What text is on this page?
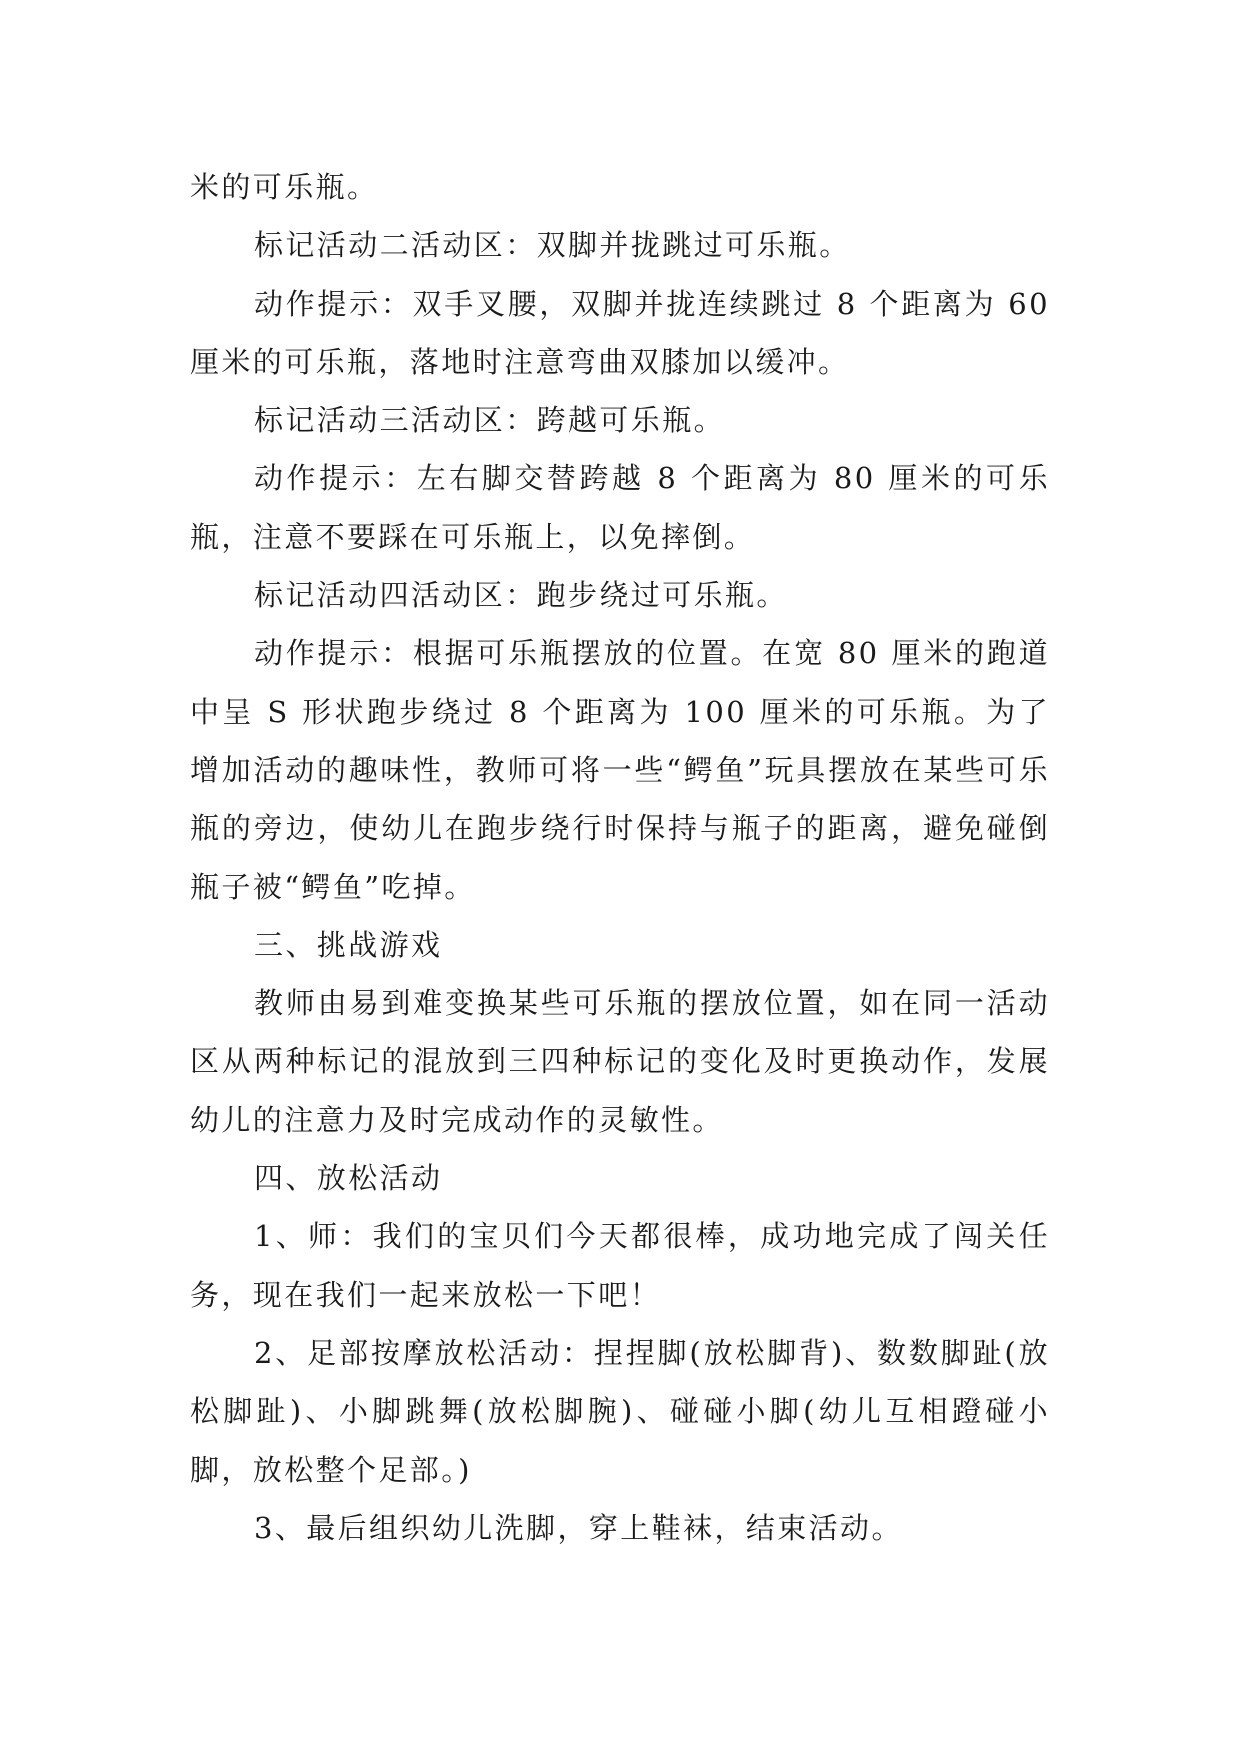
米的可乐瓶。

标记活动二活动区：双脚并拢跳过可乐瓶。

动作提示：双手叉腰，双脚并拢连续跳过 8 个距离为 60 厘米的可乐瓶，落地时注意弯曲双膝加以缓冲。

标记活动三活动区：跨越可乐瓶。

动作提示：左右脚交替跨越 8 个距离为 80 厘米的可乐瓶，注意不要踩在可乐瓶上，以免摔倒。

标记活动四活动区：跑步绕过可乐瓶。

动作提示：根据可乐瓶摆放的位置。在宽 80 厘米的跑道中呈 S 形状跑步绕过 8 个距离为 100 厘米的可乐瓶。为了增加活动的趣味性，教师可将一些“鳄鱼”玩具摆放在某些可乐瓶的旁边，使幼儿在跑步绕行时保持与瓶子的距离，避免碰倒瓶子被“鳄鱼”吃掉。

三、挑战游戏

教师由易到难变换某些可乐瓶的摆放位置，如在同一活动区从两种标记的混放到三四种标记的变化及时更换动作，发展幼儿的注意力及时完成动作的灵敏性。

四、放松活动

1、师：我们的宝贝们今天都很棒，成功地完成了闯关任务，现在我们一起来放松一下吧！

2、足部按摩放松活动：捏捏脚(放松脚背)、数数脚趾(放松脚趾)、小脚跳舞(放松脚腕)、碰碰小脚(幼儿互相蹬碰小脚，放松整个足部。)

3、最后组织幼儿洗脚，穿上鞋袜，结束活动。
